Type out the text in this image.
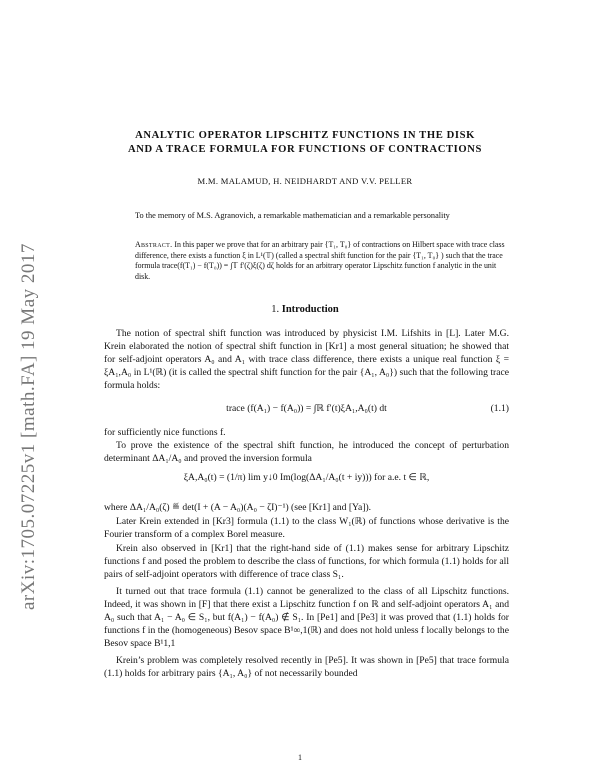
arXiv:1705.07225v1 [math.FA] 19 May 2017
ANALYTIC OPERATOR LIPSCHITZ FUNCTIONS IN THE DISK
AND A TRACE FORMULA FOR FUNCTIONS OF CONTRACTIONS
M.M. MALAMUD, H. NEIDHARDT AND V.V. PELLER
To the memory of M.S. Agranovich, a remarkable mathematician and a remarkable personality
Abstract. In this paper we prove that for an arbitrary pair {T₁, T₀} of contractions on Hilbert space with trace class difference, there exists a function ξ in L¹(𝕋) (called a spectral shift function for the pair {T₁, T₀} ) such that the trace formula trace(f(T₁) − f(T₀)) = ∫𝕋 f′(ζ)ξ(ζ) dζ holds for an arbitrary operator Lipschitz function f analytic in the unit disk.
1. Introduction
The notion of spectral shift function was introduced by physicist I.M. Lifshits in [L]. Later M.G. Krein elaborated the notion of spectral shift function in [Kr1] a most general situation; he showed that for self-adjoint operators A₀ and A₁ with trace class difference, there exists a unique real function ξ = ξA₁,A₀ in L¹(ℝ) (it is called the spectral shift function for the pair {A₁, A₀}) such that the following trace formula holds:
trace (f(A₁) − f(A₀)) = ∫ℝ f′(t)ξA₁,A₀(t) dt	(1.1)
for sufficiently nice functions f.
To prove the existence of the spectral shift function, he introduced the concept of perturbation determinant ΔA₁/A₀ and proved the inversion formula
ξA,A₀(t) = (1/π) lim y↓0 Im(log(ΔA₁/A₀(t + iy))) for a.e. t ∈ ℝ,
where ΔA₁/A₀(ζ) ≝ det(I + (A − A₀)(A₀ − ζI)⁻¹) (see [Kr1] and [Ya]).
Later Krein extended in [Kr3] formula (1.1) to the class W₁(ℝ) of functions whose derivative is the Fourier transform of a complex Borel measure.
Krein also observed in [Kr1] that the right-hand side of (1.1) makes sense for arbitrary Lipschitz functions f and posed the problem to describe the class of functions, for which formula (1.1) holds for all pairs of self-adjoint operators with difference of trace class S₁.
It turned out that trace formula (1.1) cannot be generalized to the class of all Lipschitz functions. Indeed, it was shown in [F] that there exist a Lipschitz function f on ℝ and self-adjoint operators A₁ and A₀ such that A₁ − A₀ ∈ S₁, but f(A₁) − f(A₀) ∉ S₁. In [Pe1] and [Pe3] it was proved that (1.1) holds for functions f in the (homogeneous) Besov space B¹∞,1(ℝ) and does not hold unless f locally belongs to the Besov space B¹1,1
Krein’s problem was completely resolved recently in [Pe5]. It was shown in [Pe5] that trace formula (1.1) holds for arbitrary pairs {A₁, A₀} of not necessarily bounded
1
